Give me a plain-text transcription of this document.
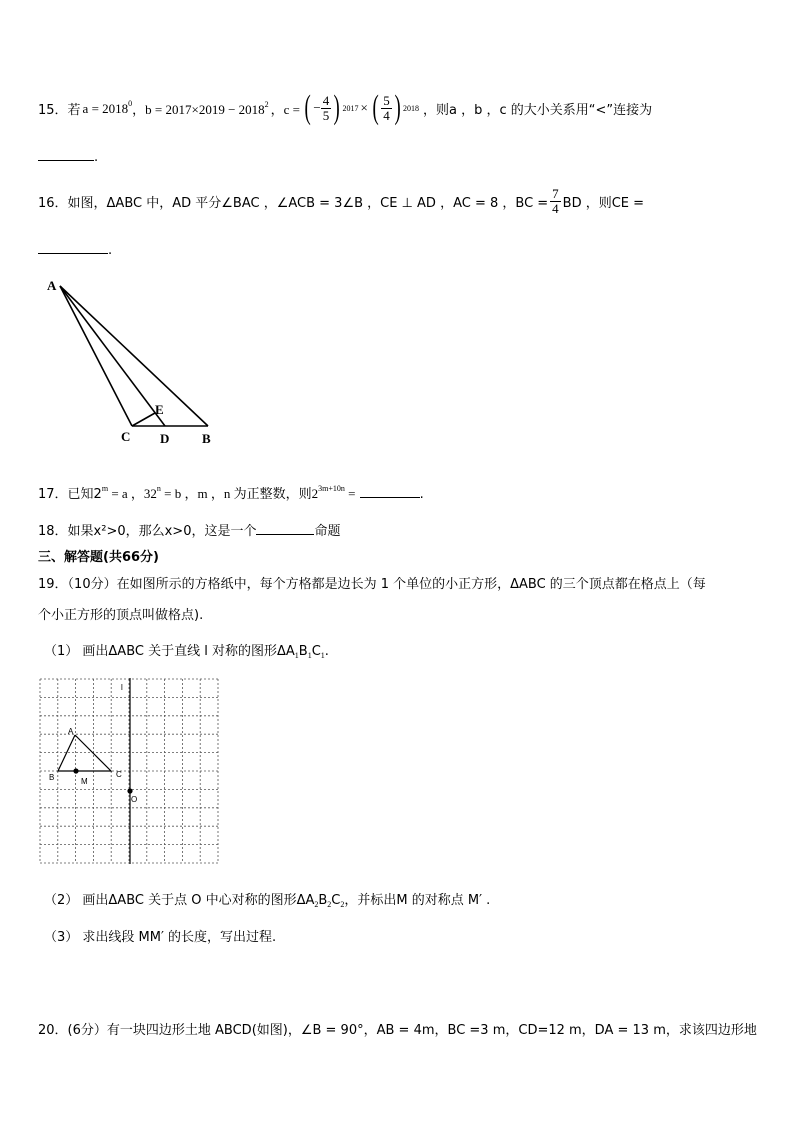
15．若 $a = 2018^0$ ，$b = 2017\times 2019 - 2018^2$ ，c = ( − $\frac{4}{5}$ ) 2017 × ( $\frac{5}{4}$ ) 2018 ，则a ，b ，c 的大小关系用“<”连接为
.
16．如图，ΔABC 中，AD 平分∠BAC ，∠ACB = 3∠B ，CE ⊥ AD ，AC = 8 ，BC = $\frac{7}{4}$ BD ，则CE =
.
A
E
C D	B
17．已知$2^m = a$ ，$32^n = b$ ，m ，n 为正整数，则$2^{3m+10n}$ =	.
18．如果x²>0，那么x>0，这是一个	命题
三、解答题(共66分)
19．（10分）在如图所示的方格纸中，每个方格都是边长为 1 个单位的小正方形，ΔABC 的三个顶点都在格点上（每
个小正方形的顶点叫做格点).
（1） 画出ΔABC 关于直线 l 对称的图形$\Delta A_1B_1C_1$.
l
A
B	M
C
O
（2） 画出ΔABC 关于点 O 中心对称的图形$\Delta A_2B_2C_2$，并标出M 的对称点 M′ .
（3） 求出线段 MM′ 的长度，写出过程.
20．(6分）有一块四边形土地 ABCD(如图)，∠B = 90°，AB = 4m，BC =3 m，CD=12 m，DA = 13 m，求该四边形地
